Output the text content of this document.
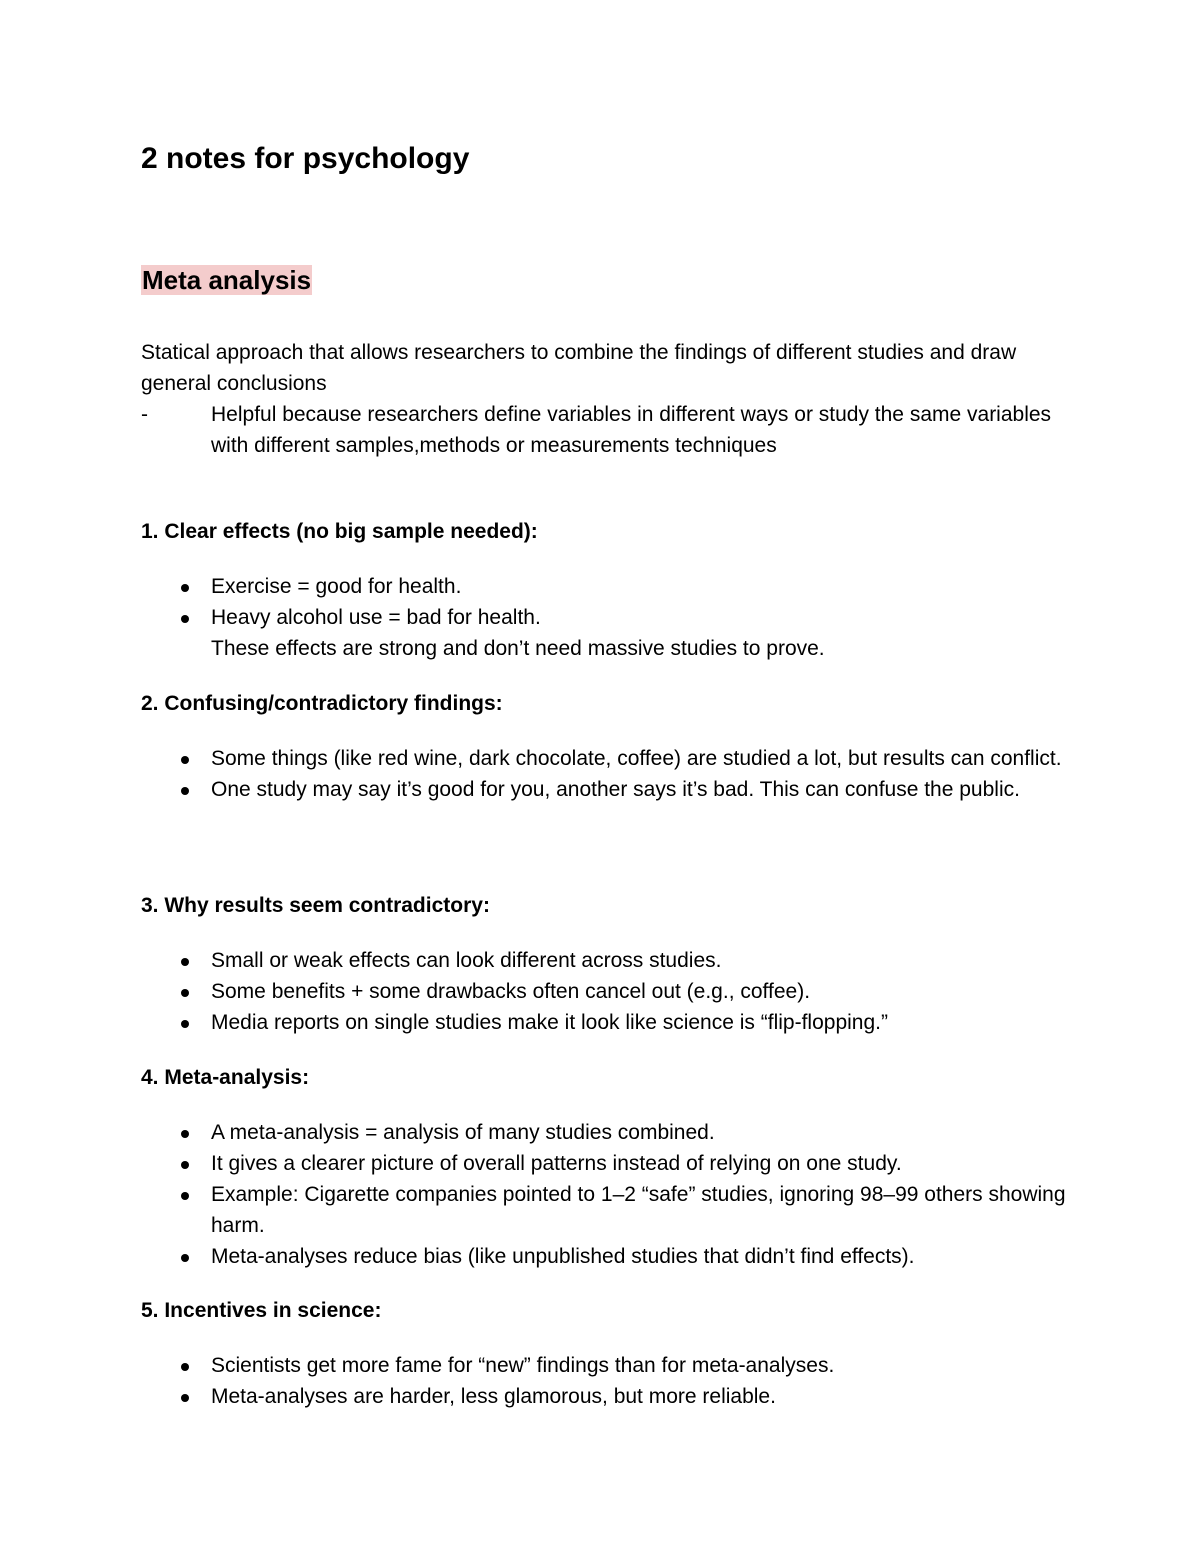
2 notes for psychology
Meta analysis

Statical approach that allows researchers to combine the findings of different studies and draw general conclusions

-	Helpful because researchers define variables in different ways or study the same variables with different samples,methods or measurements techniques
1. Clear effects (no big sample needed):
Exercise = good for health.
Heavy alcohol use = bad for health.
These effects are strong and don’t need massive studies to prove.
2. Confusing/contradictory findings:
Some things (like red wine, dark chocolate, coffee) are studied a lot, but results can conflict.
One study may say it’s good for you, another says it’s bad. This can confuse the public.
3. Why results seem contradictory:
Small or weak effects can look different across studies.
Some benefits + some drawbacks often cancel out (e.g., coffee).
Media reports on single studies make it look like science is “flip-flopping.”
4. Meta-analysis:
A meta-analysis = analysis of many studies combined.
It gives a clearer picture of overall patterns instead of relying on one study.
Example: Cigarette companies pointed to 1–2 “safe” studies, ignoring 98–99 others showing harm.
Meta-analyses reduce bias (like unpublished studies that didn’t find effects).
5. Incentives in science:
Scientists get more fame for “new” findings than for meta-analyses.
Meta-analyses are harder, less glamorous, but more reliable.
